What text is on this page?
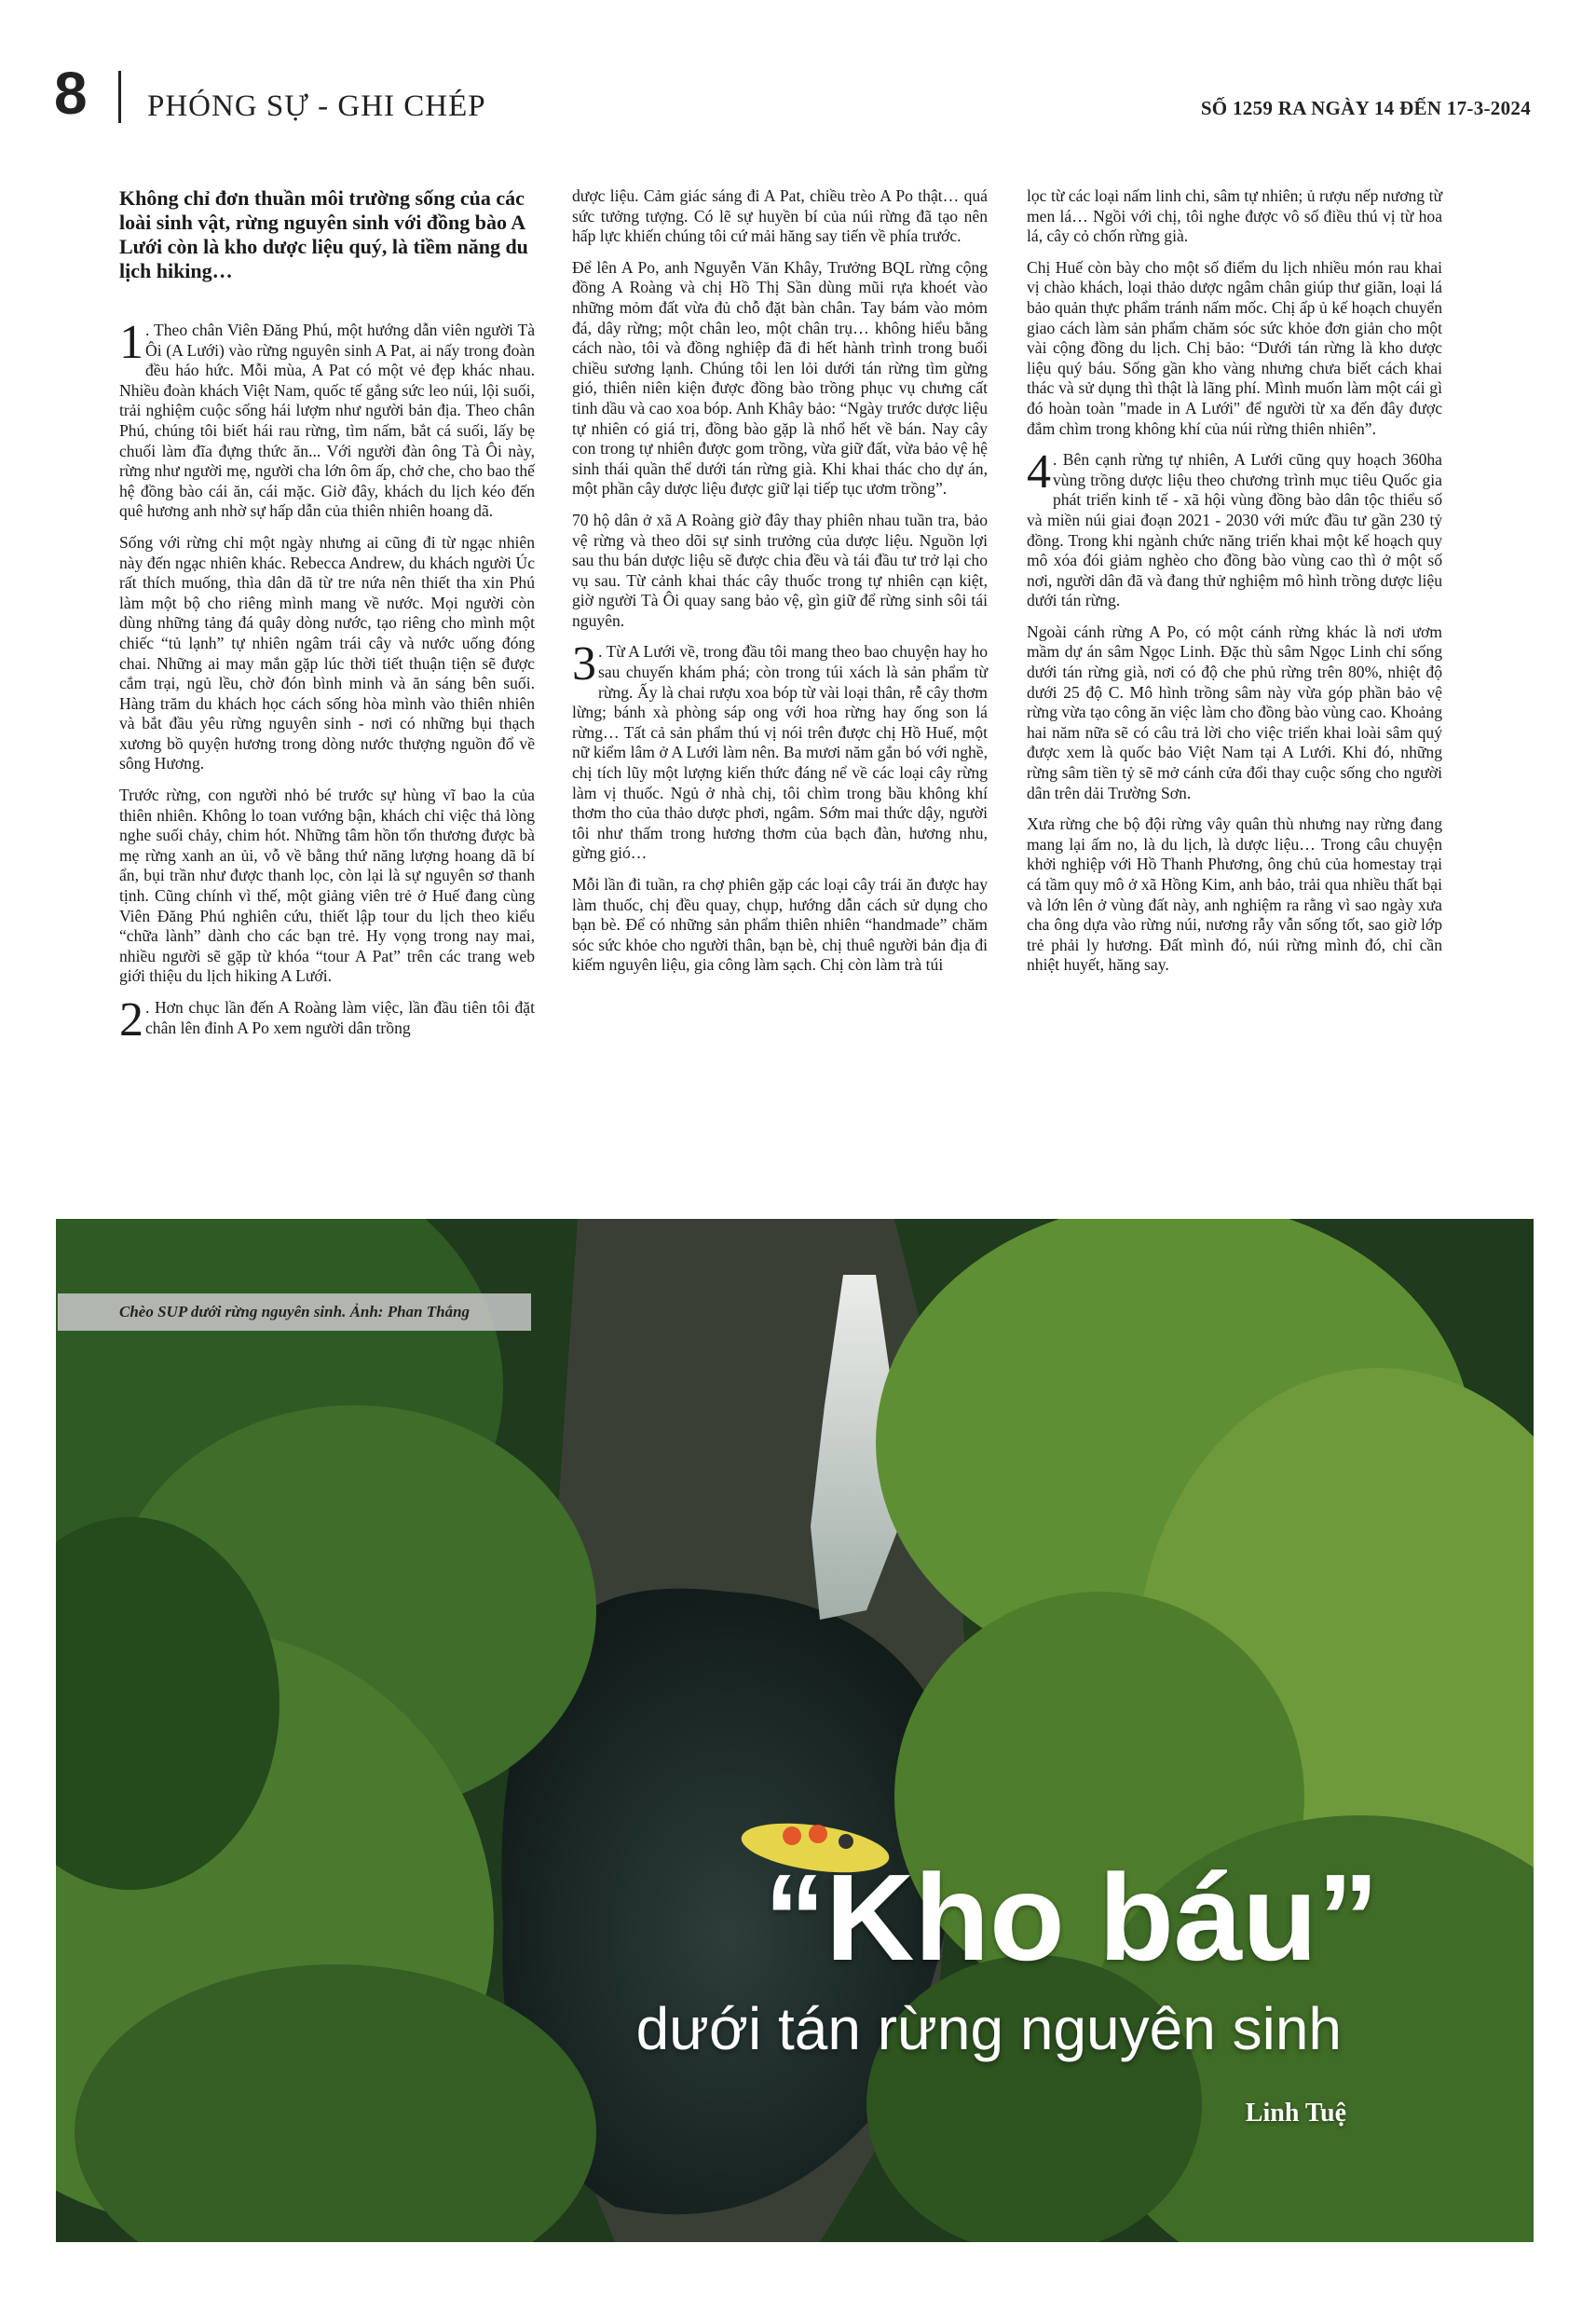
8 PHÓNG SỰ - GHI CHÉP	SỐ 1259 RA NGÀY 14 ĐẾN 17-3-2024

Không chỉ đơn thuần môi trường sống của các loài sinh vật, rừng nguyên sinh với đồng bào A Lưới còn là kho dược liệu quý, là tiềm năng du lịch hiking…

1 . Theo chân Viên Đăng Phú, một hướng dẫn viên người Tà Ôi (A Lưới) vào rừng nguyên sinh A Pat, ai nấy trong đoàn đều háo hức. Mỗi mùa, A Pat có một vẻ đẹp khác nhau. Nhiều đoàn khách Việt Nam, quốc tế gắng sức leo núi, lội suối, trải nghiệm cuộc sống hái lượm như người bản địa. Theo chân Phú, chúng tôi biết hái rau rừng, tìm nấm, bắt cá suối, lấy bẹ chuối làm đĩa đựng thức ăn... Với người đàn ông Tà Ôi này, rừng như người mẹ, người cha lớn ôm ấp, chở che, cho bao thế hệ đồng bào cái ăn, cái mặc. Giờ đây, khách du lịch kéo đến quê hương anh nhờ sự hấp dẫn của thiên nhiên hoang dã.

Sống với rừng chỉ một ngày nhưng ai cũng đi từ ngạc nhiên này đến ngạc nhiên khác. Rebecca Andrew, du khách người Úc rất thích muống, thìa dân dã từ tre nứa nên thiết tha xin Phú làm một bộ cho riêng mình mang về nước. Mọi người còn dùng những tảng đá quây dòng nước, tạo riêng cho mình một chiếc “tủ lạnh” tự nhiên ngâm trái cây và nước uống đóng chai. Những ai may mắn gặp lúc thời tiết thuận tiện sẽ được cắm trại, ngủ lều, chờ đón bình minh và ăn sáng bên suối. Hàng trăm du khách học cách sống hòa mình vào thiên nhiên và bắt đầu yêu rừng nguyên sinh - nơi có những bụi thạch xương bồ quyện hương trong dòng nước thượng nguồn đổ về sông Hương.

Trước rừng, con người nhỏ bé trước sự hùng vĩ bao la của thiên nhiên. Không lo toan vướng bận, khách chỉ việc thả lòng nghe suối chảy, chim hót. Những tâm hồn tổn thương được bà mẹ rừng xanh an ủi, vỗ về bằng thứ năng lượng hoang dã bí ẩn, bụi trần như được thanh lọc, còn lại là sự nguyên sơ thanh tịnh. Cũng chính vì thế, một giảng viên trẻ ở Huế đang cùng Viên Đăng Phú nghiên cứu, thiết lập tour du lịch theo kiểu “chữa lành” dành cho các bạn trẻ. Hy vọng trong nay mai, nhiều người sẽ gặp từ khóa “tour A Pat” trên các trang web giới thiệu du lịch hiking A Lưới.

2 . Hơn chục lần đến A Roàng làm việc, lần đầu tiên tôi đặt chân lên đỉnh A Po xem người dân trồng

dược liệu. Cảm giác sáng đi A Pat, chiều trèo A Po thật… quá sức tưởng tượng. Có lẽ sự huyền bí của núi rừng đã tạo nên hấp lực khiến chúng tôi cứ mải hăng say tiến về phía trước.

Để lên A Po, anh Nguyễn Văn Khây, Trưởng BQL rừng cộng đồng A Roàng và chị Hồ Thị Sần dùng mũi rựa khoét vào những mỏm đất vừa đủ chỗ đặt bàn chân. Tay bám vào mỏm đá, dây rừng; một chân leo, một chân trụ… không hiểu bằng cách nào, tôi và đồng nghiệp đã đi hết hành trình trong buổi chiều sương lạnh. Chúng tôi len lỏi dưới tán rừng tìm gừng gió, thiên niên kiện được đồng bào trồng phục vụ chưng cất tinh dầu và cao xoa bóp. Anh Khây bảo: “Ngày trước dược liệu tự nhiên có giá trị, đồng bào gặp là nhổ hết về bán. Nay cây con trong tự nhiên được gom trồng, vừa giữ đất, vừa bảo vệ hệ sinh thái quần thể dưới tán rừng già. Khi khai thác cho dự án, một phần cây dược liệu được giữ lại tiếp tục ươm trồng”.

70 hộ dân ở xã A Roàng giờ đây thay phiên nhau tuần tra, bảo vệ rừng và theo dõi sự sinh trưởng của dược liệu. Nguồn lợi sau thu bán dược liệu sẽ được chia đều và tái đầu tư trở lại cho vụ sau. Từ cảnh khai thác cây thuốc trong tự nhiên cạn kiệt, giờ người Tà Ôi quay sang bảo vệ, gìn giữ để rừng sinh sôi tái nguyên.

3 . Từ A Lưới về, trong đầu tôi mang theo bao chuyện hay ho sau chuyến khám phá; còn trong túi xách là sản phẩm từ rừng. Ấy là chai rượu xoa bóp từ vài loại thân, rễ cây thơm lừng; bánh xà phòng sáp ong với hoa rừng hay ống son lá rừng… Tất cả sản phẩm thú vị nói trên được chị Hồ Huế, một nữ kiểm lâm ở A Lưới làm nên. Ba mươi năm gắn bó với nghề, chị tích lũy một lượng kiến thức đáng nể về các loại cây rừng làm vị thuốc. Ngủ ở nhà chị, tôi chìm trong bầu không khí thơm tho của thảo dược phơi, ngâm. Sớm mai thức dậy, người tôi như thấm trong hương thơm của bạch đàn, hương nhu, gừng gió…

Mỗi lần đi tuần, ra chợ phiên gặp các loại cây trái ăn được hay làm thuốc, chị đều quay, chụp, hướng dẫn cách sử dụng cho bạn bè. Để có những sản phẩm thiên nhiên “handmade” chăm sóc sức khỏe cho người thân, bạn bè, chị thuê người bản địa đi kiếm nguyên liệu, gia công làm sạch. Chị còn làm trà túi

lọc từ các loại nấm linh chi, sâm tự nhiên; ủ rượu nếp nương từ men lá… Ngồi với chị, tôi nghe được vô số điều thú vị từ hoa lá, cây cỏ chốn rừng già.

Chị Huế còn bày cho một số điểm du lịch nhiều món rau khai vị chào khách, loại thảo dược ngâm chân giúp thư giãn, loại lá bảo quản thực phẩm tránh nấm mốc. Chị ấp ủ kế hoạch chuyển giao cách làm sản phẩm chăm sóc sức khỏe đơn giản cho một vài cộng đồng du lịch. Chị bảo: “Dưới tán rừng là kho dược liệu quý báu. Sống gần kho vàng nhưng chưa biết cách khai thác và sử dụng thì thật là lãng phí. Mình muốn làm một cái gì đó hoàn toàn "made in A Lưới" để người từ xa đến đây được đắm chìm trong không khí của núi rừng thiên nhiên”.

4 . Bên cạnh rừng tự nhiên, A Lưới cũng quy hoạch 360ha vùng trồng dược liệu theo chương trình mục tiêu Quốc gia phát triển kinh tế - xã hội vùng đồng bào dân tộc thiểu số và miền núi giai đoạn 2021 - 2030 với mức đầu tư gần 230 tỷ đồng. Trong khi ngành chức năng triển khai một kế hoạch quy mô xóa đói giảm nghèo cho đồng bào vùng cao thì ở một số nơi, người dân đã và đang thử nghiệm mô hình trồng dược liệu dưới tán rừng.

Ngoài cánh rừng A Po, có một cánh rừng khác là nơi ươm mầm dự án sâm Ngọc Linh. Đặc thù sâm Ngọc Linh chỉ sống dưới tán rừng già, nơi có độ che phủ rừng trên 80%, nhiệt độ dưới 25 độ C. Mô hình trồng sâm này vừa góp phần bảo vệ rừng vừa tạo công ăn việc làm cho đồng bào vùng cao. Khoảng hai năm nữa sẽ có câu trả lời cho việc triển khai loài sâm quý được xem là quốc bảo Việt Nam tại A Lưới. Khi đó, những rừng sâm tiền tỷ sẽ mở cánh cửa đổi thay cuộc sống cho người dân trên dải Trường Sơn.

Xưa rừng che bộ đội rừng vây quân thù nhưng nay rừng đang mang lại ấm no, là du lịch, là dược liệu… Trong câu chuyện khởi nghiệp với Hồ Thanh Phương, ông chủ của homestay trại cá tầm quy mô ở xã Hồng Kim, anh bảo, trải qua nhiều thất bại và lớn lên ở vùng đất này, anh nghiệm ra rằng vì sao ngày xưa cha ông dựa vào rừng núi, nương rẫy vẫn sống tốt, sao giờ lớp trẻ phải ly hương. Đất mình đó, núi rừng mình đó, chỉ cần nhiệt huyết, hăng say.

Chèo SUP dưới rừng nguyên sinh. Ảnh: Phan Thắng
“Kho báu”
dưới tán rừng nguyên sinh
Linh Tuệ
